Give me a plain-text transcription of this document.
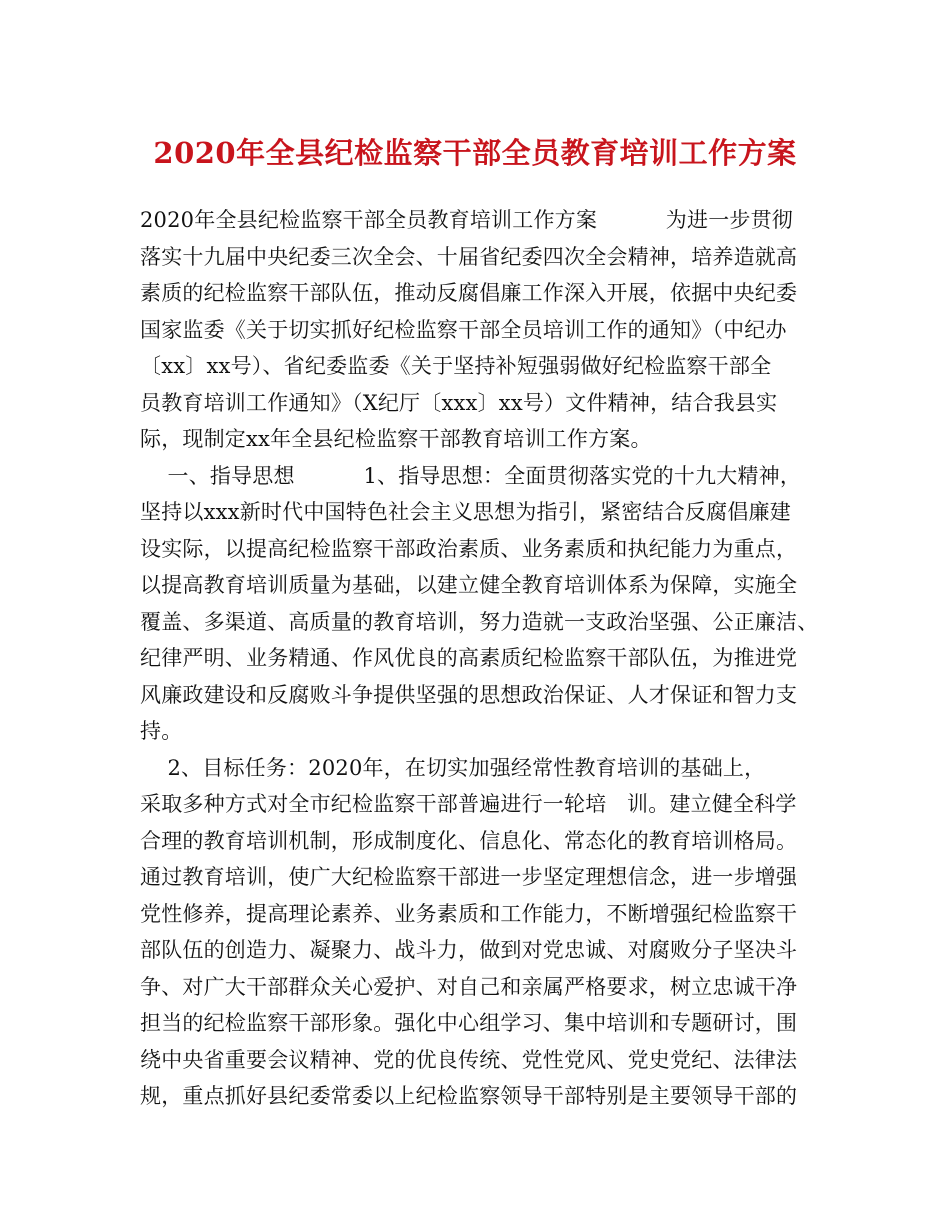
2020年全县纪检监察干部全员教育培训工作方案
2020年全县纪检监察干部全员教育培训工作方案          为进一步贯彻
落实十九届中央纪委三次全会、十届省纪委四次全会精神，培养造就高
素质的纪检监察干部队伍，推动反腐倡廉工作深入开展，依据中央纪委
国家监委《关于切实抓好纪检监察干部全员培训工作的通知》（中纪办
〔xx〕xx号）、省纪委监委《关于坚持补短强弱做好纪检监察干部全
员教育培训工作通知》（X纪厅〔xxx〕xx号）文件精神，结合我县实
际，现制定xx年全县纪检监察干部教育培训工作方案。
一、指导思想          1、指导思想：全面贯彻落实党的十九大精神，
坚持以xxx新时代中国特色社会主义思想为指引，紧密结合反腐倡廉建
设实际，以提高纪检监察干部政治素质、业务素质和执纪能力为重点，
以提高教育培训质量为基础，以建立健全教育培训体系为保障，实施全
覆盖、多渠道、高质量的教育培训，努力造就一支政治坚强、公正廉洁、
纪律严明、业务精通、作风优良的高素质纪检监察干部队伍，为推进党
风廉政建设和反腐败斗争提供坚强的思想政治保证、人才保证和智力支
持。
2、目标任务：2020年，在切实加强经常性教育培训的基础上，
采取多种方式对全市纪检监察干部普遍进行一轮培   训。建立健全科学
合理的教育培训机制，形成制度化、信息化、常态化的教育培训格局。
通过教育培训，使广大纪检监察干部进一步坚定理想信念，进一步增强
党性修养，提高理论素养、业务素质和工作能力，不断增强纪检监察干
部队伍的创造力、凝聚力、战斗力，做到对党忠诚、对腐败分子坚决斗
争、对广大干部群众关心爱护、对自己和亲属严格要求，树立忠诚干净
担当的纪检监察干部形象。强化中心组学习、集中培训和专题研讨，围
绕中央省重要会议精神、党的优良传统、党性党风、党史党纪、法律法
规，重点抓好县纪委常委以上纪检监察领导干部特别是主要领导干部的
